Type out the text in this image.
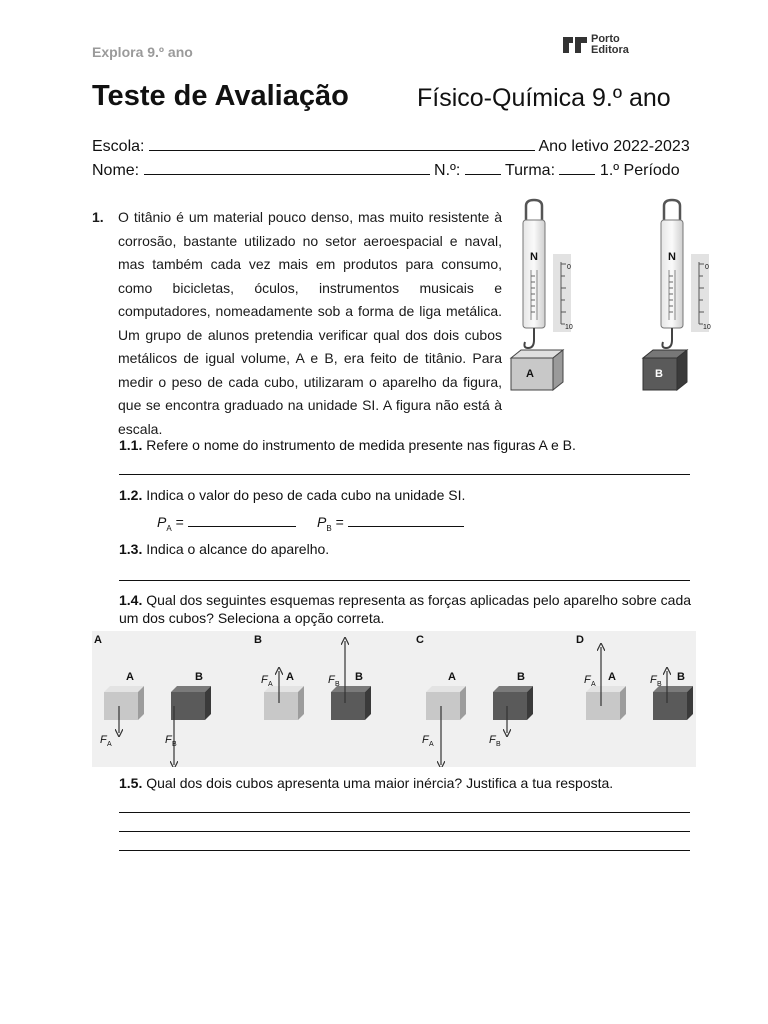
Explora 9.º ano
Porto
Editora
Teste de Avaliação	Físico-Química 9.º ano
Escola:	Ano letivo 2022-2023
Nome:	N.º:	Turma:	1.º Período
1.	O titânio é um material pouco denso, mas muito resistente à
corrosão, bastante utilizado no setor aeroespacial e naval,
mas também cada vez mais em produtos para consumo,
como bicicletas, óculos, instrumentos musicais e
computadores, nomeadamente sob a forma de liga metálica.
Um grupo de alunos pretendia verificar qual dos dois cubos
metálicos de igual volume, A e B, era feito de titânio. Para
medir o peso de cada cubo, utilizaram o aparelho da figura,
que se encontra graduado na unidade SI. A figura não está à escala.
N
0
10
A
N
0
10
B
1.1. Refere o nome do instrumento de medida presente nas figuras A e B.
1.2. Indica o valor do peso de cada cubo na unidade SI.
$P_A$ =	$P_B$ =
1.3. Indica o alcance do aparelho.
1.4. Qual dos seguintes esquemas representa as forças aplicadas pelo aparelho sobre cada
um dos cubos? Seleciona a opção correta.
A
A	B
F A	F B
B
A	B
F A	F B
C
A	B
F A	F B
D
A	B
F A	F B
1.5. Qual dos dois cubos apresenta uma maior inércia? Justifica a tua resposta.
